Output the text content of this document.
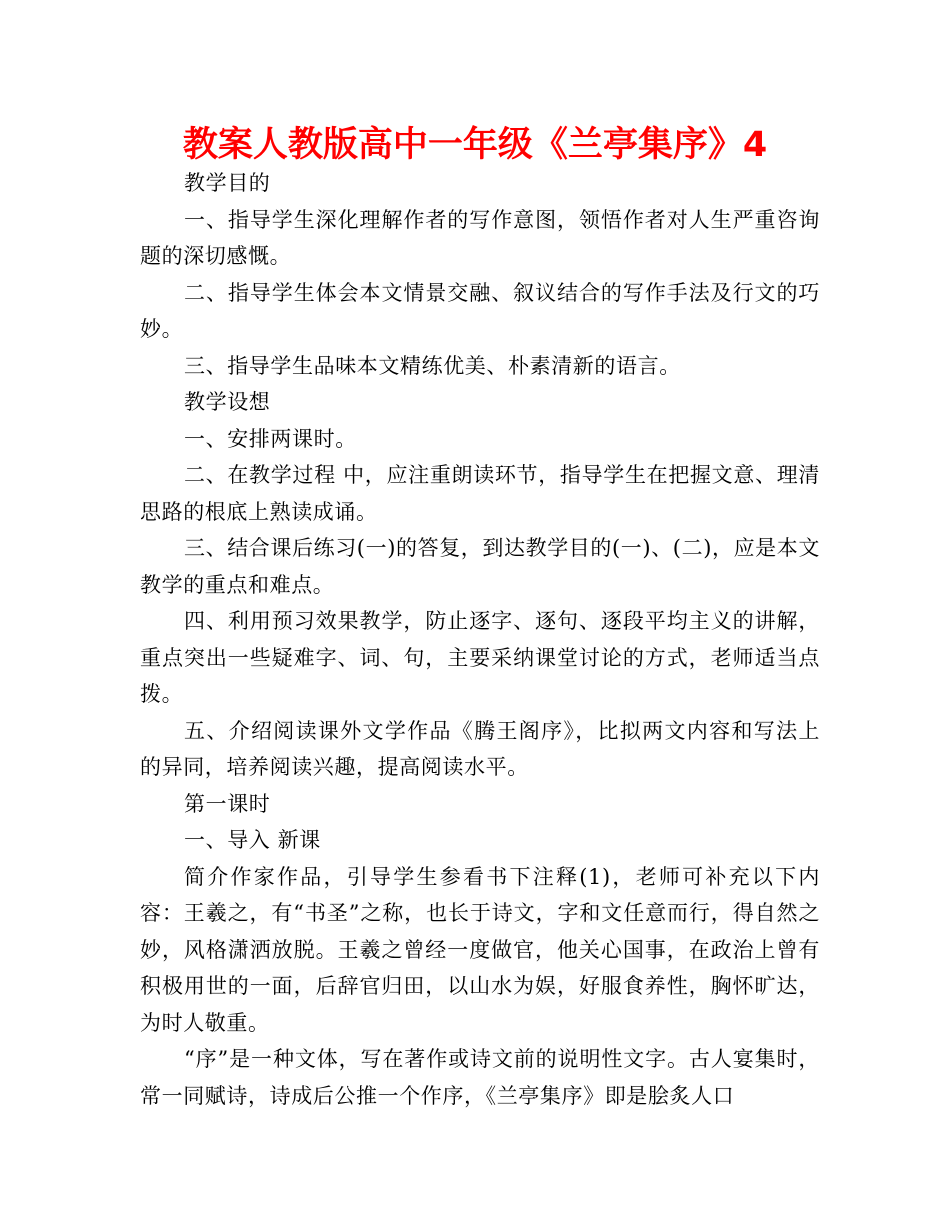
教案人教版高中一年级《兰亭集序》4

教学目的

一、指导学生深化理解作者的写作意图，领悟作者对人生严重咨询题的深切感慨。

二、指导学生体会本文情景交融、叙议结合的写作手法及行文的巧妙。

三、指导学生品味本文精练优美、朴素清新的语言。

教学设想

一、安排两课时。

二、在教学过程 中，应注重朗读环节，指导学生在把握文意、理清思路的根底上熟读成诵。

三、结合课后练习(一)的答复，到达教学目的(一)、(二)，应是本文教学的重点和难点。

四、利用预习效果教学，防止逐字、逐句、逐段平均主义的讲解，重点突出一些疑难字、词、句，主要采纳课堂讨论的方式，老师适当点拨。

五、介绍阅读课外文学作品《腾王阁序》，比拟两文内容和写法上的异同，培养阅读兴趣，提高阅读水平。

第一课时

一、导入 新课

简介作家作品，引导学生参看书下注释(1)，老师可补充以下内容：王羲之，有“书圣”之称，也长于诗文，字和文任意而行，得自然之妙，风格潇洒放脱。王羲之曾经一度做官，他关心国事，在政治上曾有积极用世的一面，后辞官归田，以山水为娱，好服食养性，胸怀旷达，为时人敬重。

“序”是一种文体，写在著作或诗文前的说明性文字。古人宴集时，常一同赋诗，诗成后公推一个作序，《兰亭集序》即是脍炙人口
